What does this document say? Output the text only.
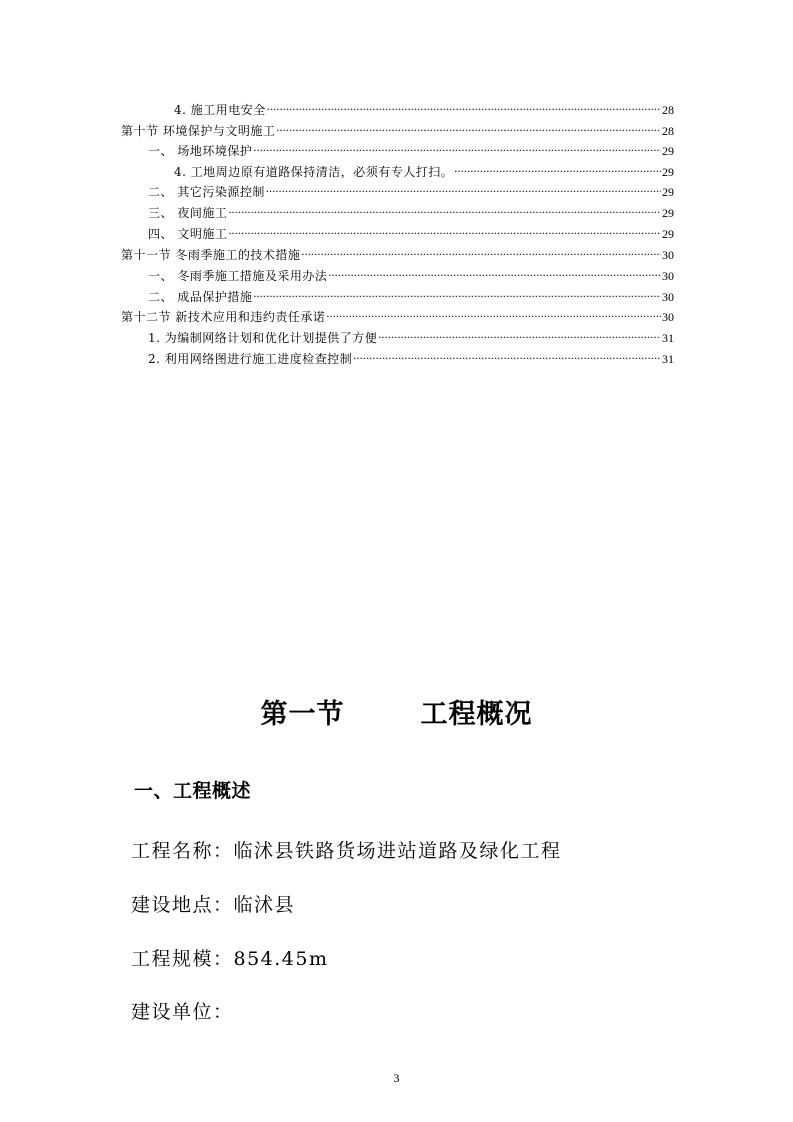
4. 施工用电安全 .....	28
第十节 环境保护与文明施工 .....	28
一、 场地环境保护 .....	29
4. 工地周边原有道路保持清洁，必须有专人打扫。 .....	29
二、 其它污染源控制 .....	29
三、 夜间施工 .....	29
四、 文明施工 .....	29
第十一节 冬雨季施工的技术措施 .....	30
一、 冬雨季施工措施及采用办法 .....	30
二、 成品保护措施 .....	30
第十二节 新技术应用和违约责任承诺 .....	30
1. 为编制网络计划和优化计划提供了方便 .....	31
2. 利用网络图进行施工进度检查控制 .....	31
第一节	工程概况
一、工程概述
工程名称：临沭县铁路货场进站道路及绿化工程
建设地点：临沭县
工程规模：854.45m
建设单位：
3
